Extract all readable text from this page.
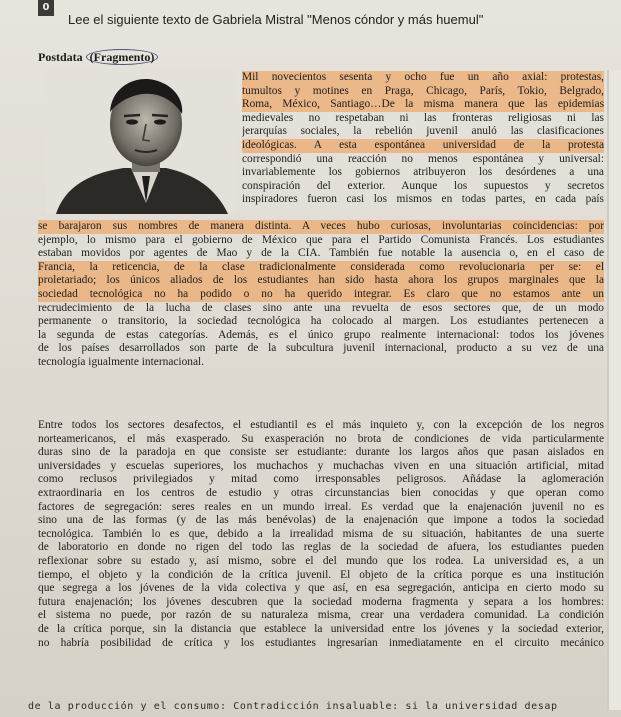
0
Lee el siguiente texto de Gabriela Mistral "Menos cóndor y más huemul"
Postdata (Fragmento)
Mil novecientos sesenta y ocho fue un año axial: protestas,
tumultos y motines en Praga, Chicago, París, Tokio, Belgrado,
Roma, México, Santiago…De la misma manera que las epidemias
medievales no respetaban ni las fronteras religiosas ni las
jerarquías sociales, la rebelión juvenil anuló las clasificaciones
ideológicas. A esta espontánea universidad de la protesta
correspondió una reacción no menos espontánea y universal:
invariablemente los gobiernos atribuyeron los desórdenes a una
conspiración del exterior. Aunque los supuestos y secretos
inspiradores fueron casi los mismos en todas partes, en cada país
se barajaron sus nombres de manera distinta. A veces hubo curiosas, involuntarias coincidencias: por
ejemplo, lo mismo para el gobierno de México que para el Partido Comunista Francés. Los estudiantes
estaban movidos por agentes de Mao y de la CIA. También fue notable la ausencia o, en el caso de
Francia, la reticencia, de la clase tradicionalmente considerada como revolucionaria per se: el
proletariado; los únicos aliados de los estudiantes han sido hasta ahora los grupos marginales que la
sociedad tecnológica no ha podido o no ha querido integrar. Es claro que no estamos ante un
recrudecimiento de la lucha de clases sino ante una revuelta de esos sectores que, de un modo
permanente o transitorio, la sociedad tecnológica ha colocado al margen. Los estudiantes pertenecen a
la segunda de estas categorías. Además, es el único grupo realmente internacional: todos los jóvenes
de los países desarrollados son parte de la subcultura juvenil internacional, producto a su vez de una
tecnología igualmente internacional.
Entre todos los sectores desafectos, el estudiantil es el más inquieto y, con la excepción de los negros
norteamericanos, el más exasperado. Su exasperación no brota de condiciones de vida particularmente
duras sino de la paradoja en que consiste ser estudiante: durante los largos años que pasan aislados en
universidades y escuelas superiores, los muchachos y muchachas viven en una situación artificial, mitad
como reclusos privilegiados y mitad como irresponsables peligrosos. Añádase la aglomeración
extraordinaria en los centros de estudio y otras circunstancias bien conocidas y que operan como
factores de segregación: seres reales en un mundo irreal. Es verdad que la enajenación juvenil no es
sino una de las formas (y de las más benévolas) de la enajenación que impone a todos la sociedad
tecnológica. También lo es que, debido a la irrealidad misma de su situación, habitantes de una suerte
de laboratorio en donde no rigen del todo las reglas de la sociedad de afuera, los estudiantes pueden
reflexionar sobre su estado y, así mismo, sobre el del mundo que los rodea. La universidad es, a un
tiempo, el objeto y la condición de la crítica juvenil. El objeto de la crítica porque es una institución
que segrega a los jóvenes de la vida colectiva y que así, en esa segregación, anticipa en cierto modo su
futura enajenación; los jóvenes descubren que la sociedad moderna fragmenta y separa a los hombres:
el sistema no puede, por razón de su naturaleza misma, crear una verdadera comunidad. La condición
de la crítica porque, sin la distancia que establece la universidad entre los jóvenes y la sociedad exterior,
no habría posibilidad de crítica y los estudiantes ingresarían inmediatamente en el circuito mecánico
de la producción y el consumo: Contradicción insaluable: si la universidad desap
